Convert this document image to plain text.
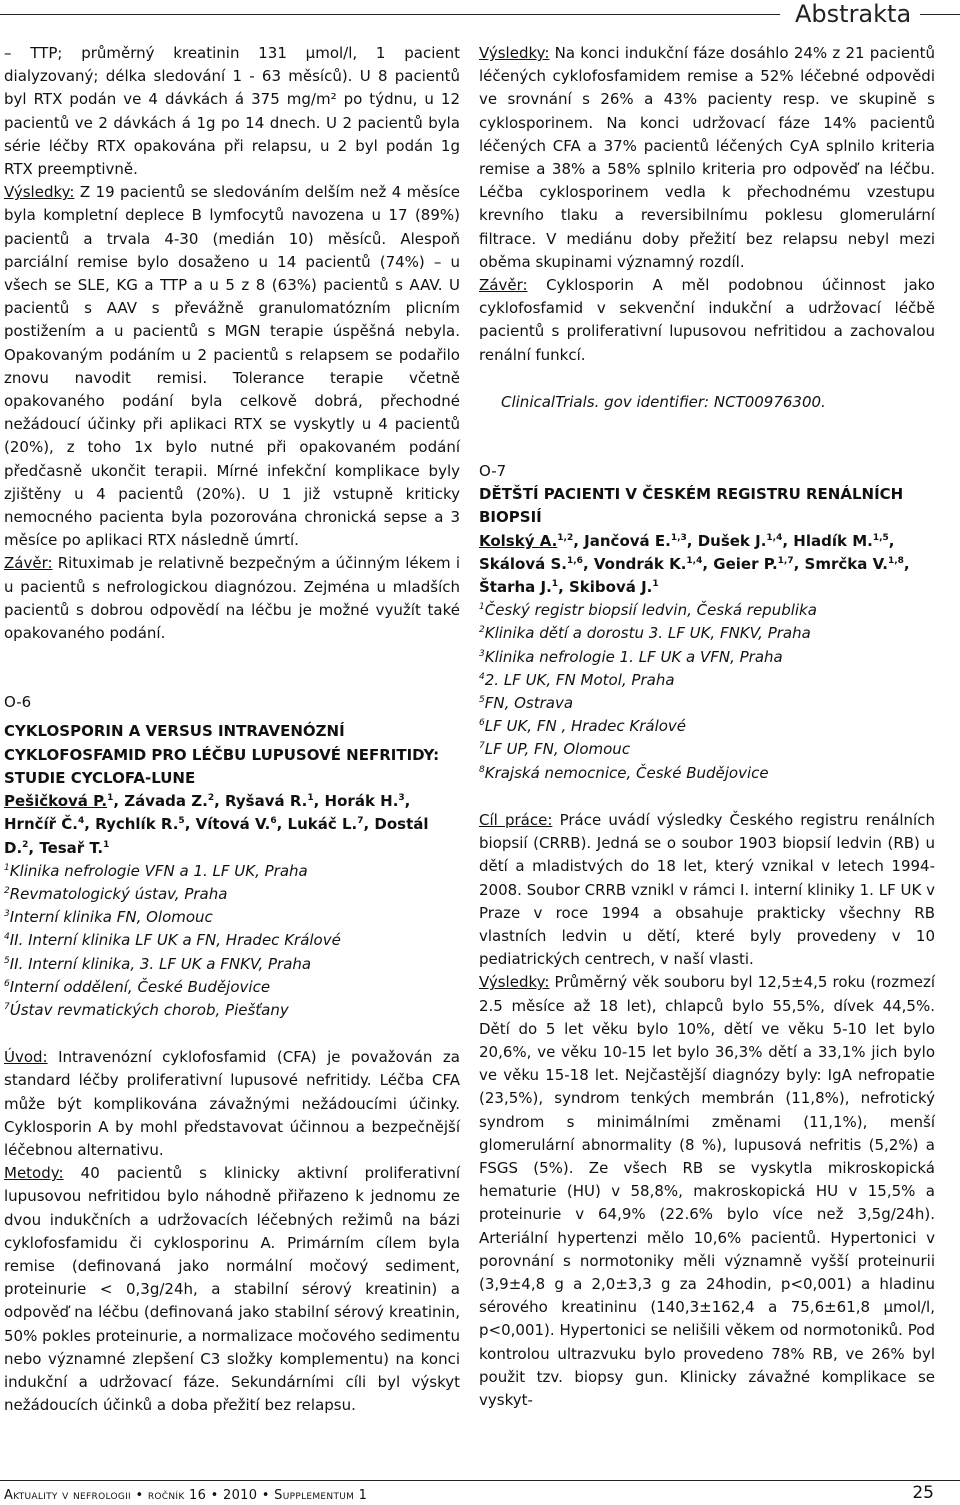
Abstrakta

– TTP; průměrný kreatinin 131 µmol/l, 1 pacient dialyzovaný; délka sledování 1 - 63 měsíců). U 8 pacientů byl RTX podán ve 4 dávkách á 375 mg/m² po týdnu, u 12 pacientů ve 2 dávkách á 1g po 14 dnech. U 2 pacientů byla série léčby RTX opakována při relapsu, u 2 byl podán 1g RTX preemptivně.

Výsledky: Z 19 pacientů se sledováním delším než 4 měsíce byla kompletní deplece B lymfocytů navozena u 17 (89%) pacientů a trvala 4-30 (medián 10) měsíců. Alespoň parciální remise bylo dosaženo u 14 pacientů (74%) – u všech se SLE, KG a TTP a u 5 z 8 (63%) pacientů s AAV. U pacientů s AAV s převážně granulomatózním plicním postižením a u pacientů s MGN terapie úspěšná nebyla. Opakovaným podáním u 2 pacientů s relapsem se podařilo znovu navodit remisi. Tolerance terapie včetně opakovaného podání byla celkově dobrá, přechodné nežádoucí účinky při aplikaci RTX se vyskytly u 4 pacientů (20%), z toho 1x bylo nutné při opakovaném podání předčasně ukončit terapii. Mírné infekční komplikace byly zjištěny u 4 pacientů (20%). U 1 již vstupně kriticky nemocného pacienta byla pozorována chronická sepse a 3 měsíce po aplikaci RTX následně úmrtí.

Závěr: Rituximab je relativně bezpečným a účinným lékem i u pacientů s nefrologickou diagnózou. Zejména u mladších pacientů s dobrou odpovědí na léčbu je možné využít také opakovaného podání.

O-6

CYKLOSPORIN A VERSUS INTRAVENÓZNÍ CYKLOFOSFAMID PRO LÉČBU LUPUSOVÉ NEFRITIDY: STUDIE CYCLOFA-LUNE

Pešičková P.$^1$, Závada Z.$^2$, Ryšavá R.$^1$, Horák H.$^3$, Hrnčíř Č.$^4$, Rychlík R.$^5$, Vítová V.$^6$, Lukáč L.$^7$, Dostál D.$^2$, Tesař T.$^1$

$^1$Klinika nefrologie VFN a 1. LF UK, Praha

$^2$Revmatologický ústav, Praha

$^3$Interní klinika FN, Olomouc

$^4$II. Interní klinika LF UK a FN, Hradec Králové

$^5$II. Interní klinika, 3. LF UK a FNKV, Praha

$^6$Interní oddělení, České Budějovice

$^7$Ústav revmatických chorob, Piešťany

Úvod: Intravenózní cyklofosfamid (CFA) je považován za standard léčby proliferativní lupusové nefritidy. Léčba CFA může být komplikována závažnými nežádoucími účinky. Cyklosporin A by mohl představovat účinnou a bezpečnější léčebnou alternativu.

Metody: 40 pacientů s klinicky aktivní proliferativní lupusovou nefritidou bylo náhodně přiřazeno k jednomu ze dvou indukčních a udržovacích léčebných režimů na bázi cyklofosfamidu či cyklosporinu A. Primárním cílem byla remise (definovaná jako normální močový sediment, proteinurie < 0,3g/24h, a stabilní sérový kreatinin) a odpověď na léčbu (definovaná jako stabilní sérový kreatinin, 50% pokles proteinurie, a normalizace močového sedimentu nebo významné zlepšení C3 složky komplementu) na konci indukční a udržovací fáze. Sekundárními cíli byl výskyt nežádoucích účinků a doba přežití bez relapsu.

Výsledky: Na konci indukční fáze dosáhlo 24% z 21 pacientů léčených cyklofosfamidem remise a 52% léčebné odpovědi ve srovnání s 26% a 43% pacienty resp. ve skupině s cyklosporinem. Na konci udržovací fáze 14% pacientů léčených CFA a 37% pacientů léčených CyA splnilo kriteria remise a 38% a 58% splnilo kriteria pro odpověď na léčbu. Léčba cyklosporinem vedla k přechodnému vzestupu krevního tlaku a reversibilnímu poklesu glomerulární filtrace. V mediánu doby přežití bez relapsu nebyl mezi oběma skupinami významný rozdíl.

Závěr: Cyklosporin A měl podobnou účinnost jako cyklofosfamid v sekvenční indukční a udržovací léčbě pacientů s proliferativní lupusovou nefritidou a zachovalou renální funkcí.

ClinicalTrials. gov identifier: NCT00976300.

O-7

DĚTŠTÍ PACIENTI V ČESKÉM REGISTRU RENÁLNÍCH BIOPSIÍ

Kolský A.$^{1,2}$, Jančová E.$^{1,3}$, Dušek J.$^{1,4}$, Hladík M.$^{1,5}$, Skálová S.$^{1,6}$, Vondrák K.$^{1,4}$, Geier P.$^{1,7}$, Smrčka V.$^{1,8}$, Štarha J.$^1$, Skibová J.$^1$

$^1$Český registr biopsií ledvin, Česká republika

$^2$Klinika dětí a dorostu 3. LF UK, FNKV, Praha

$^3$Klinika nefrologie 1. LF UK a VFN, Praha

$^4$2. LF UK, FN Motol, Praha

$^5$FN, Ostrava

$^6$LF UK, FN , Hradec Králové

$^7$LF UP, FN, Olomouc

$^8$Krajská nemocnice, České Budějovice

Cíl práce: Práce uvádí výsledky Českého registru renálních biopsií (CRRB). Jedná se o soubor 1903 biopsií ledvin (RB) u dětí a mladistvých do 18 let, který vznikal v letech 1994-2008. Soubor CRRB vznikl v rámci I. interní kliniky 1. LF UK v Praze v roce 1994 a obsahuje prakticky všechny RB vlastních ledvin u dětí, které byly provedeny v 10 pediatrických centrech, v naší vlasti.

Výsledky: Průměrný věk souboru byl 12,5±4,5 roku (rozmezí 2.5 měsíce až 18 let), chlapců bylo 55,5%, dívek 44,5%. Dětí do 5 let věku bylo 10%, dětí ve věku 5-10 let bylo 20,6%, ve věku 10-15 let bylo 36,3% dětí a 33,1% jich bylo ve věku 15-18 let. Nejčastější diagnózy byly: IgA nefropatie (23,5%), syndrom tenkých membrán (11,8%), nefrotický syndrom s minimálními změnami (11,1%), menší glomerulární abnormality (8 %), lupusová nefritis (5,2%) a FSGS (5%). Ze všech RB se vyskytla mikroskopická hematurie (HU) v 58,8%, makroskopická HU v 15,5% a proteinurie v 64,9% (22.6% bylo více než 3,5g/24h). Arteriální hypertenzi mělo 10,6% pacientů. Hypertonici v porovnání s normotoniky měli významně vyšší proteinurii (3,9±4,8 g a 2,0±3,3 g za 24hodin, p<0,001) a hladinu sérového kreatininu (140,3±162,4 a 75,6±61,8 µmol/l, p<0,001). Hypertonici se nelišili věkem od normotoniků. Pod kontrolou ultrazvuku bylo provedeno 78% RB, ve 26% byl použit tzv. biopsy gun. Klinicky závažné komplikace se vyskyt-

Aktuality v nefrologii • ročník 16 • 2010 • Supplementum 1	25
